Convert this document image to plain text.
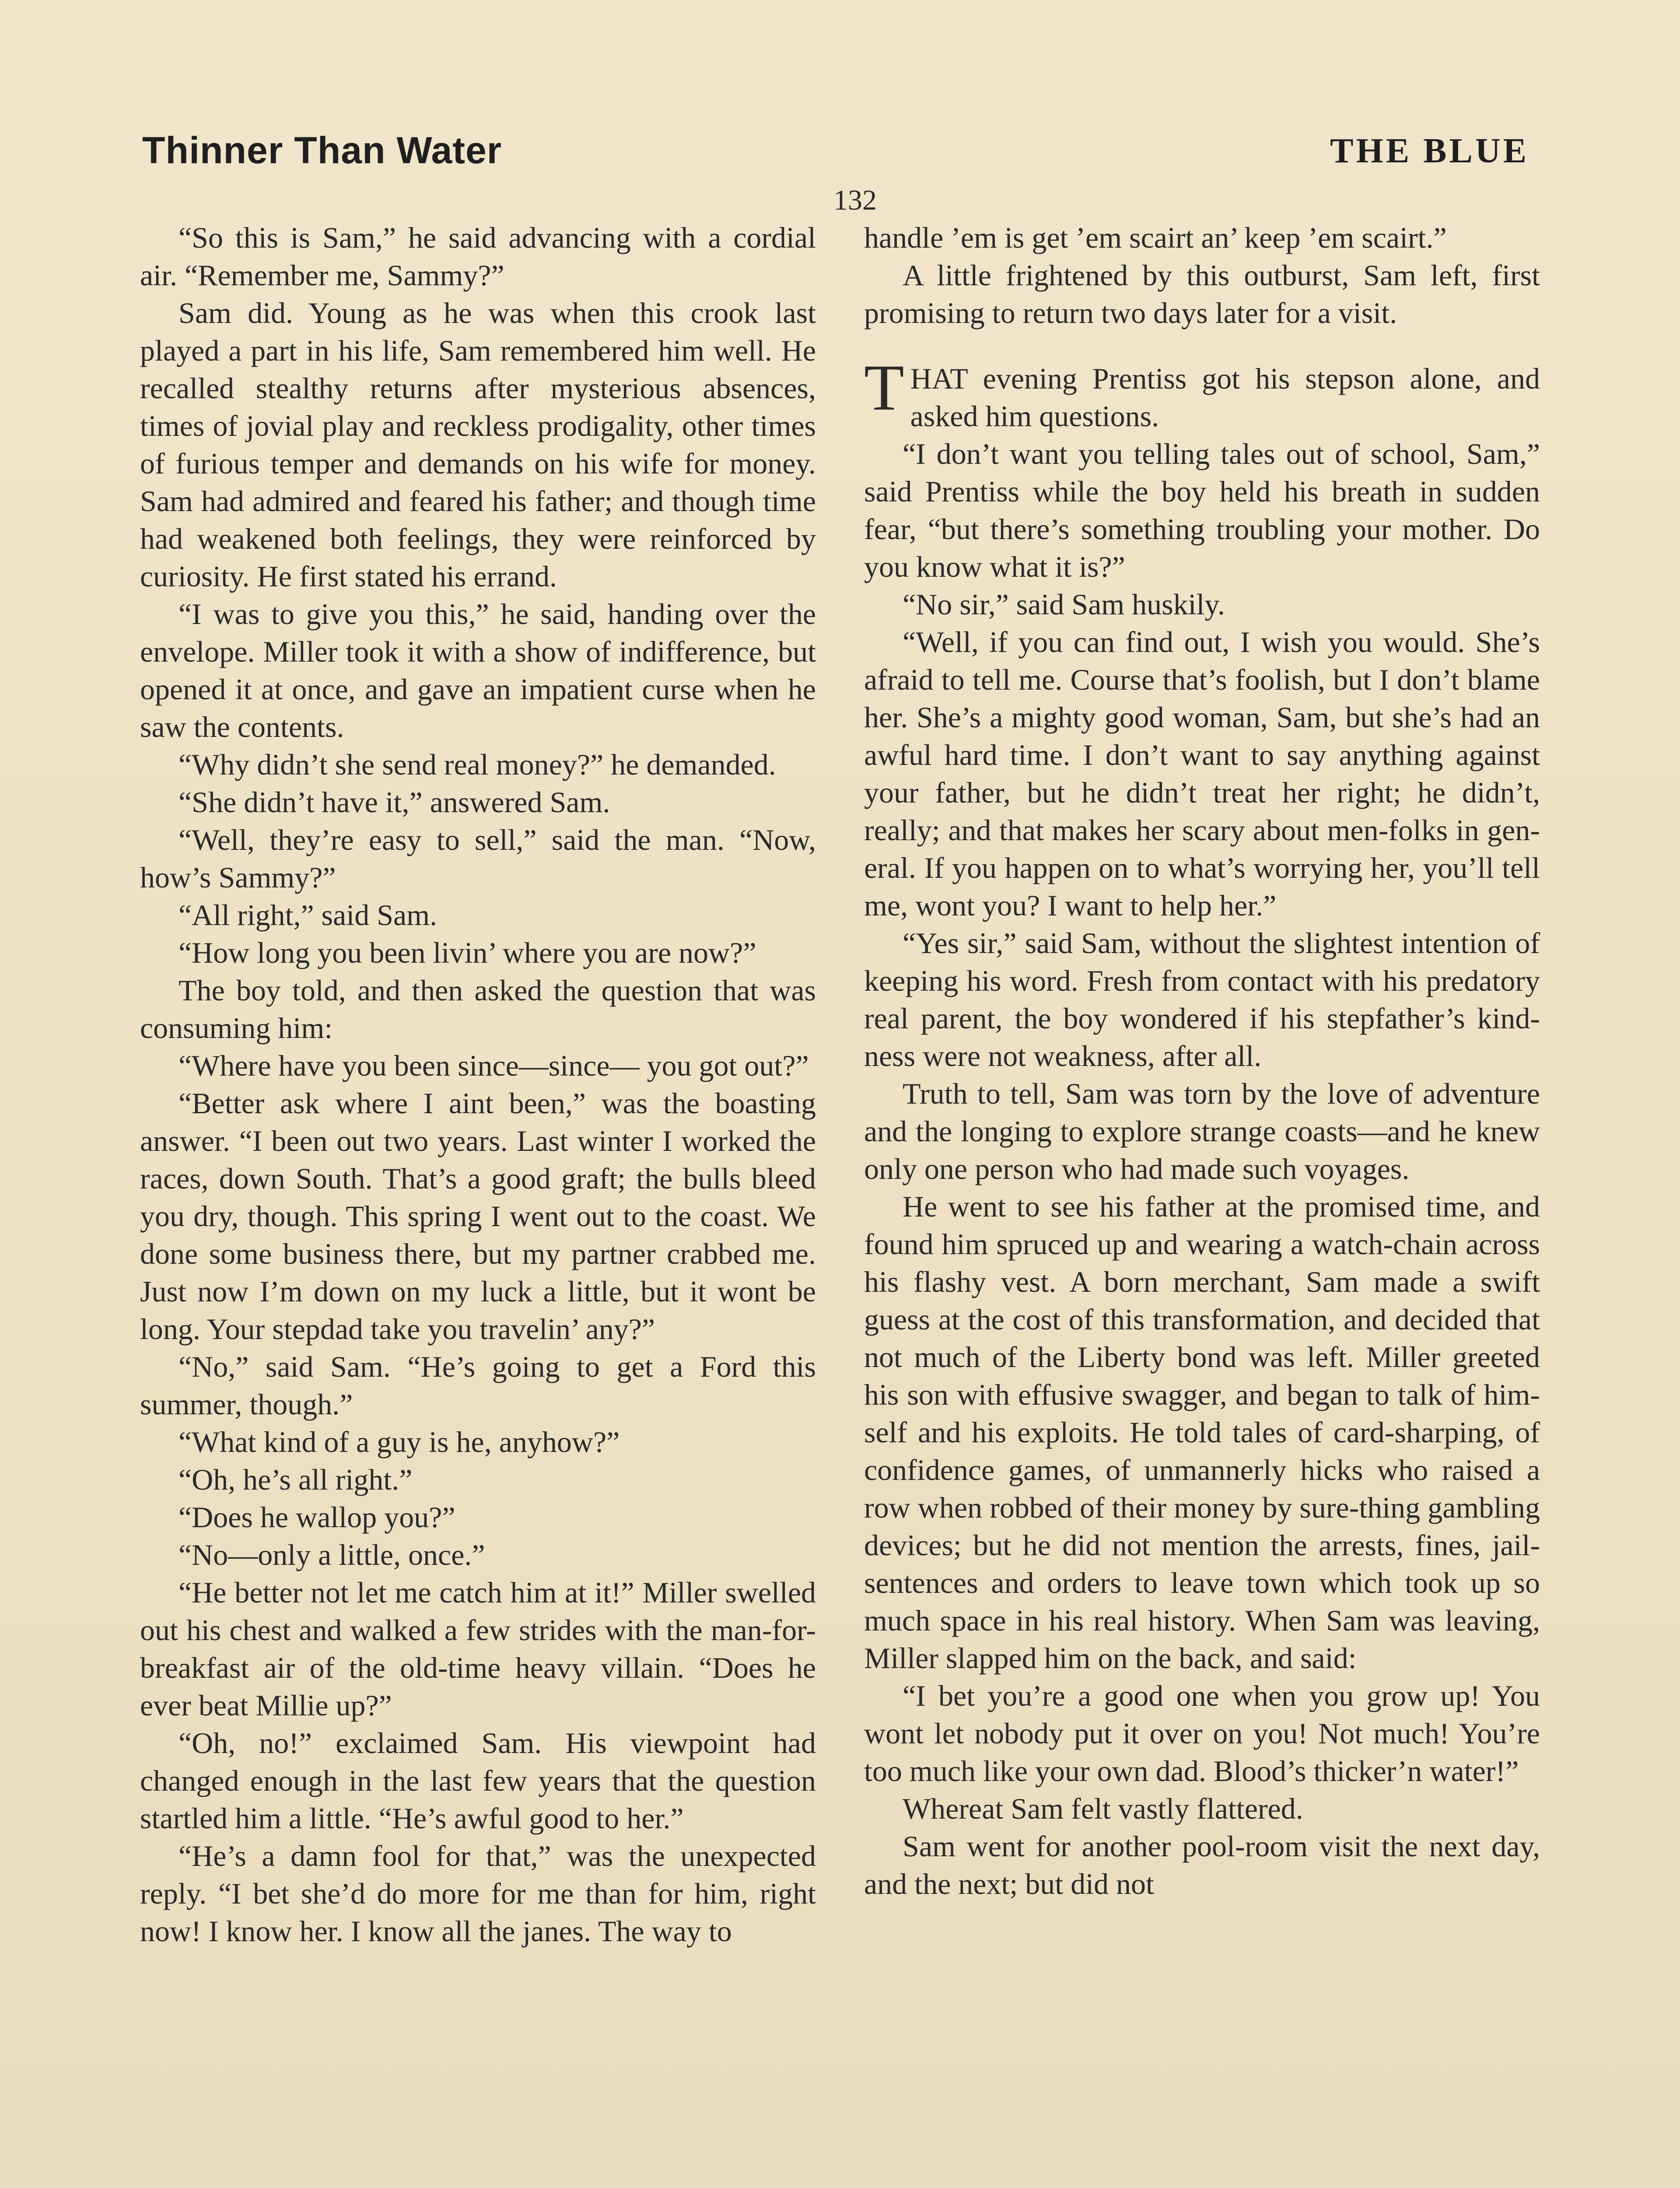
Thinner Than Water	THE BLUE
132

“So this is Sam,” he said advancing with a cordial air. “Remember me, Sammy?”

Sam did. Young as he was when this crook last played a part in his life, Sam remembered him well. He recalled stealthy returns after mysterious absences, times of jovial play and reckless prodigality, other times of furious temper and demands on his wife for money. Sam had admired and feared his father; and though time had weakened both feelings, they were reinforced by curiosity. He first stated his errand.

“I was to give you this,” he said, handing over the envelope. Miller took it with a show of indifference, but opened it at once, and gave an impatient curse when he saw the contents.

“Why didn’t she send real money?” he demanded.

“She didn’t have it,” answered Sam.

“Well, they’re easy to sell,” said the man. “Now, how’s Sammy?”

“All right,” said Sam.

“How long you been livin’ where you are now?”

The boy told, and then asked the question that was consuming him:

“Where have you been since—since— you got out?”

“Better ask where I aint been,” was the boasting answer. “I been out two years. Last winter I worked the races, down South. That’s a good graft; the bulls bleed you dry, though. This spring I went out to the coast. We done some business there, but my partner crabbed me. Just now I’m down on my luck a little, but it wont be long. Your stepdad take you travelin’ any?”

“No,” said Sam. “He’s going to get a Ford this summer, though.”

“What kind of a guy is he, anyhow?”

“Oh, he’s all right.”

“Does he wallop you?”

“No—only a little, once.”

“He better not let me catch him at it!” Miller swelled out his chest and walked a few strides with the man-for-breakfast air of the old-time heavy villain. “Does he ever beat Millie up?”

“Oh, no!” exclaimed Sam. His viewpoint had changed enough in the last few years that the question startled him a little. “He’s awful good to her.”

“He’s a damn fool for that,” was the unexpected reply. “I bet she’d do more for me than for him, right now! I know her. I know all the janes. The way to

handle ’em is get ’em scairt an’ keep ’em scairt.”

A little frightened by this outburst, Sam left, first promising to return two days later for a visit.

THAT evening Prentiss got his stepson alone, and asked him questions.

“I don’t want you telling tales out of school, Sam,” said Prentiss while the boy held his breath in sudden fear, “but there’s something troubling your mother. Do you know what it is?”

“No sir,” said Sam huskily.

“Well, if you can find out, I wish you would. She’s afraid to tell me. Course that’s foolish, but I don’t blame her. She’s a mighty good woman, Sam, but she’s had an awful hard time. I don’t want to say anything against your father, but he didn’t treat her right; he didn’t, really; and that makes her scary about men-folks in general. If you happen on to what’s worrying her, you’ll tell me, wont you? I want to help her.”

“Yes sir,” said Sam, without the slightest intention of keeping his word. Fresh from contact with his predatory real parent, the boy wondered if his stepfather’s kindness were not weakness, after all.

Truth to tell, Sam was torn by the love of adventure and the longing to explore strange coasts—and he knew only one person who had made such voyages.

He went to see his father at the promised time, and found him spruced up and wearing a watch-chain across his flashy vest. A born merchant, Sam made a swift guess at the cost of this transformation, and decided that not much of the Liberty bond was left. Miller greeted his son with effusive swagger, and began to talk of himself and his exploits. He told tales of card-sharping, of confidence games, of unmannerly hicks who raised a row when robbed of their money by sure-thing gambling devices; but he did not mention the arrests, fines, jail-sentences and orders to leave town which took up so much space in his real history. When Sam was leaving, Miller slapped him on the back, and said:

“I bet you’re a good one when you grow up! You wont let nobody put it over on you! Not much! You’re too much like your own dad. Blood’s thicker’n water!”

Whereat Sam felt vastly flattered.

Sam went for another pool-room visit the next day, and the next; but did not
